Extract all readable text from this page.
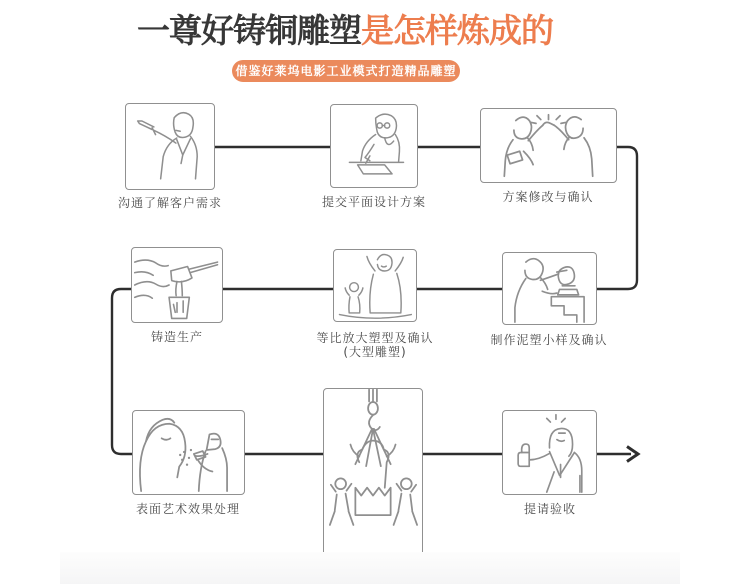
一尊好铸铜雕塑是怎样炼成的
借鉴好莱坞电影工业模式打造精品雕塑艺术
沟通了解客户需求	提交平面设计方案	方案修改与确认
铸造生产	等比放大塑型及确认
(大型雕塑)
制作泥塑小样及确认
表面艺术效果处理	提请验收
